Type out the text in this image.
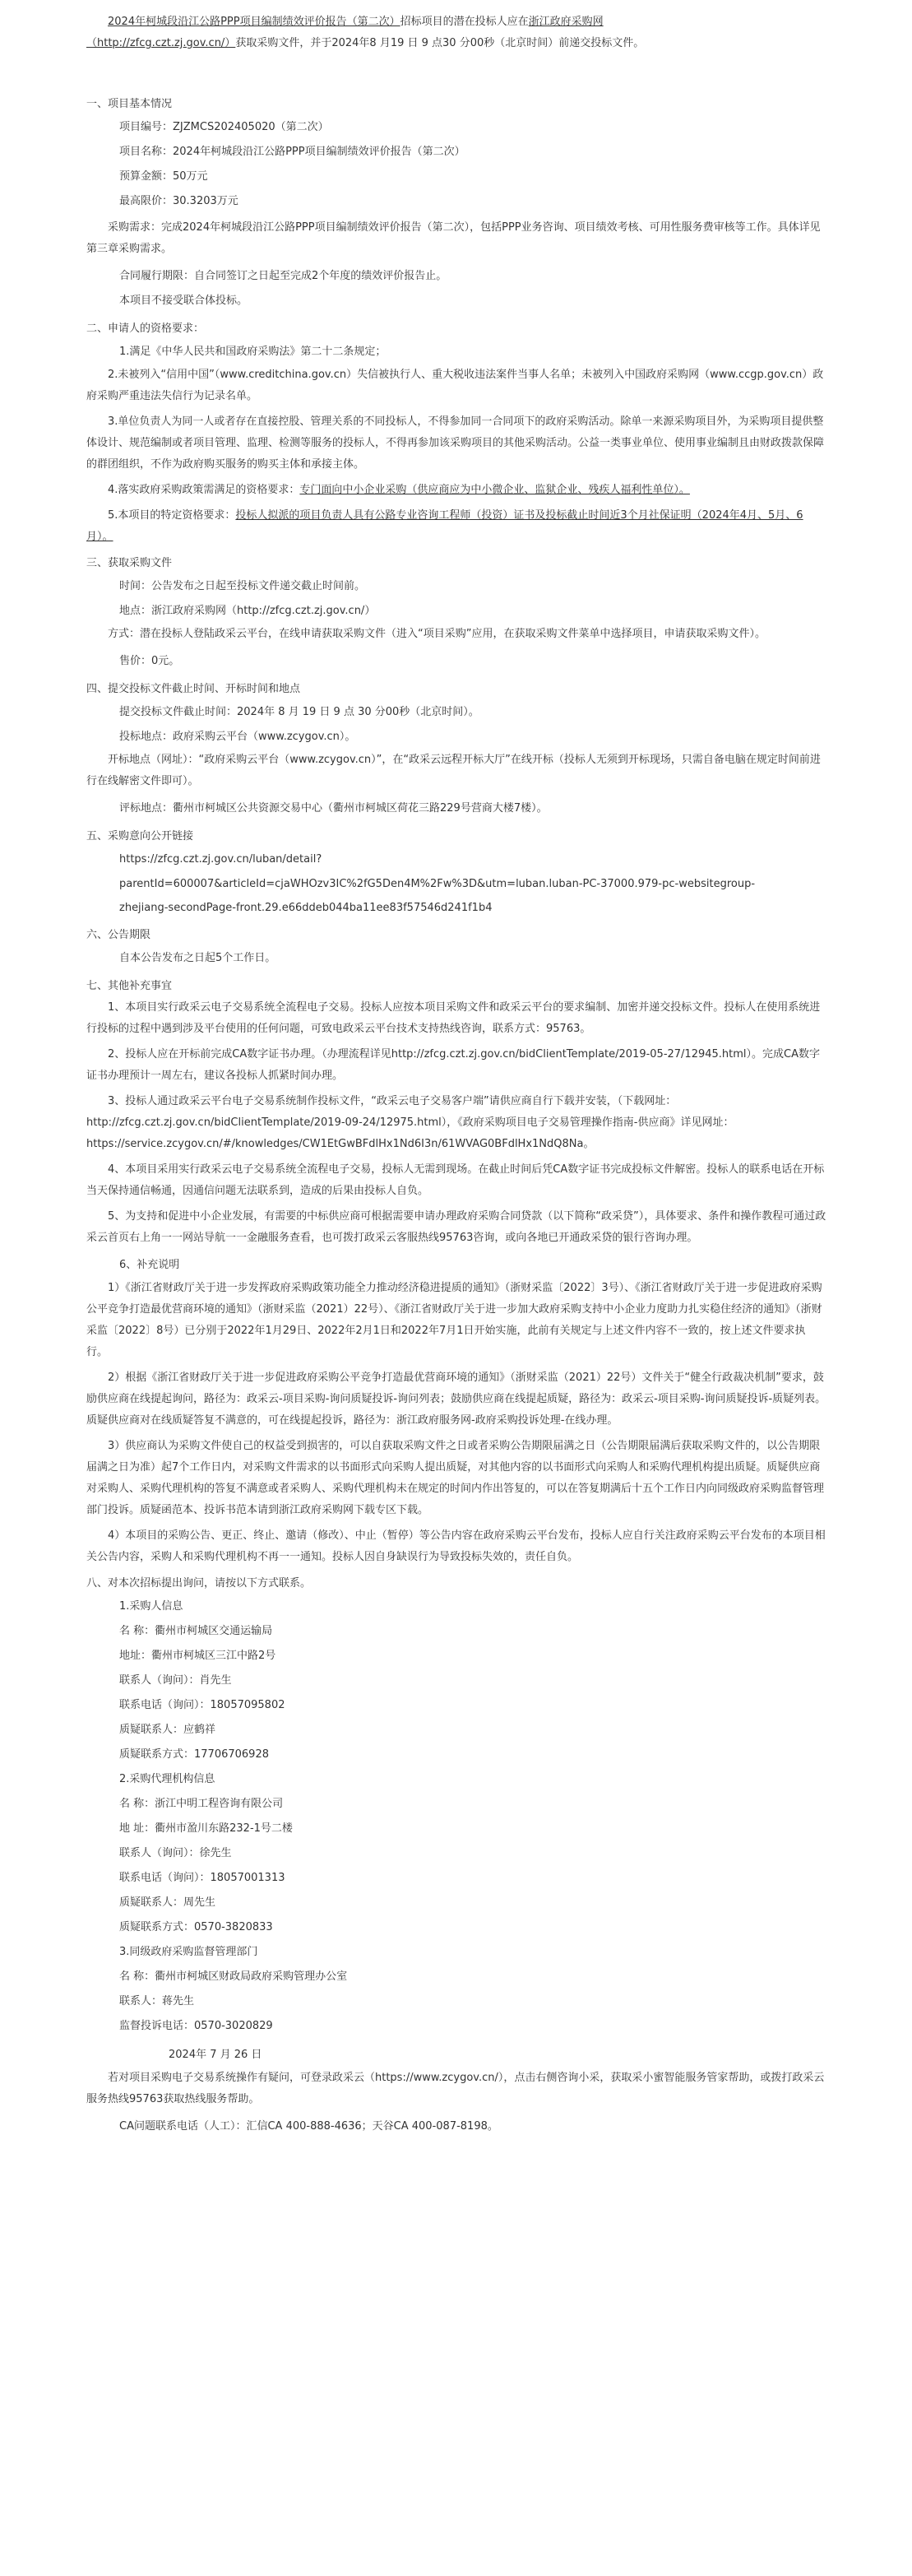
2024年柯城段沿江公路PPP项目编制绩效评价报告（第二次）招标项目的潜在投标人应在浙江政府采购网
（http://zfcg.czt.zj.gov.cn/）获取采购文件，并于2024年8 月19 日 9 点30 分00秒（北京时间）前递交投标文件。

一、项目基本情况

项目编号：ZJZMCS202405020（第二次）

项目名称：2024年柯城段沿江公路PPP项目编制绩效评价报告（第二次）

预算金额：50万元

最高限价：30.3203万元

采购需求：完成2024年柯城段沿江公路PPP项目编制绩效评价报告（第二次），包括PPP业务咨询、项目绩效考核、可用性服务费审核等工作。具体详见第三章采购需求。

合同履行期限：自合同签订之日起至完成2个年度的绩效评价报告止。

本项目不接受联合体投标。

二、申请人的资格要求：

1.满足《中华人民共和国政府采购法》第二十二条规定；

2.未被列入“信用中国”（www.creditchina.gov.cn）失信被执行人、重大税收违法案件当事人名单；未被列入中国政府采购网（www.ccgp.gov.cn）政府采购严重违法失信行为记录名单。

3.单位负责人为同一人或者存在直接控股、管理关系的不同投标人，不得参加同一合同项下的政府采购活动。除单一来源采购项目外，为采购项目提供整体设计、规范编制或者项目管理、监理、检测等服务的投标人，不得再参加该采购项目的其他采购活动。公益一类事业单位、使用事业编制且由财政拨款保障的群团组织，不作为政府购买服务的购买主体和承接主体。

4.落实政府采购政策需满足的资格要求：专门面向中小企业采购（供应商应为中小微企业、监狱企业、残疾人福利性单位）。

5.本项目的特定资格要求：投标人拟派的项目负责人具有公路专业咨询工程师（投资）证书及投标截止时间近3个月社保证明（2024年4月、5月、6月）。

三、获取采购文件

时间：公告发布之日起至投标文件递交截止时间前。

地点：浙江政府采购网（http://zfcg.czt.zj.gov.cn/）

方式：潜在投标人登陆政采云平台，在线申请获取采购文件（进入“项目采购”应用，在获取采购文件菜单中选择项目，申请获取采购文件）。

售价：0元。

四、提交投标文件截止时间、开标时间和地点

提交投标文件截止时间：2024年 8 月 19 日 9 点 30 分00秒（北京时间）。

投标地点：政府采购云平台（www.zcygov.cn）。

开标地点（网址）：“政府采购云平台（www.zcygov.cn）”，在“政采云远程开标大厅”在线开标（投标人无须到开标现场，只需自备电脑在规定时间前进行在线解密文件即可）。

评标地点：衢州市柯城区公共资源交易中心（衢州市柯城区荷花三路229号营商大楼7楼）。

五、采购意向公开链接

https://zfcg.czt.zj.gov.cn/luban/detail?

parentId=600007&articleId=cjaWHOzv3IC%2fG5Den4M%2Fw%3D&utm=luban.luban-PC-37000.979-pc-websitegroup-

zhejiang-secondPage-front.29.e66ddeb044ba11ee83f57546d241f1b4

六、公告期限

自本公告发布之日起5个工作日。

七、其他补充事宜

1、本项目实行政采云电子交易系统全流程电子交易。投标人应按本项目采购文件和政采云平台的要求编制、加密并递交投标文件。投标人在使用系统进行投标的过程中遇到涉及平台使用的任何问题，可致电政采云平台技术支持热线咨询，联系方式：95763。

2、投标人应在开标前完成CA数字证书办理。（办理流程详见http://zfcg.czt.zj.gov.cn/bidClientTemplate/2019-05-27/12945.html）。完成CA数字证书办理预计一周左右，建议各投标人抓紧时间办理。

3、投标人通过政采云平台电子交易系统制作投标文件，“政采云电子交易客户端”请供应商自行下载并安装，（下载网址：http://zfcg.czt.zj.gov.cn/bidClientTemplate/2019-09-24/12975.html），《政府采购项目电子交易管理操作指南-供应商》详见网址：https://service.zcygov.cn/#/knowledges/CW1EtGwBFdlHx1Nd6I3n/61WVAG0BFdlHx1NdQ8Na。

4、本项目采用实行政采云电子交易系统全流程电子交易，投标人无需到现场。在截止时间后凭CA数字证书完成投标文件解密。投标人的联系电话在开标当天保持通信畅通，因通信问题无法联系到，造成的后果由投标人自负。

5、为支持和促进中小企业发展，有需要的中标供应商可根据需要申请办理政府采购合同贷款（以下简称“政采贷”），具体要求、条件和操作教程可通过政采云首页右上角一一网站导航一一金融服务查看，也可拨打政采云客服热线95763咨询，或向各地已开通政采贷的银行咨询办理。

6、补充说明

1）《浙江省财政厅关于进一步发挥政府采购政策功能全力推动经济稳进提质的通知》（浙财采监〔2022〕3号）、《浙江省财政厅关于进一步促进政府采购公平竞争打造最优营商环境的通知》（浙财采监（2021）22号）、《浙江省财政厅关于进一步加大政府采购支持中小企业力度助力扎实稳住经济的通知》（浙财采监〔2022〕8号）已分别于2022年1月29日、2022年2月1日和2022年7月1日开始实施，此前有关规定与上述文件内容不一致的，按上述文件要求执行。

2）根据《浙江省财政厅关于进一步促进政府采购公平竞争打造最优营商环境的通知》（浙财采监（2021）22号）文件关于“健全行政裁决机制”要求，鼓励供应商在线提起询问，路径为：政采云-项目采购-询问质疑投诉-询问列表；鼓励供应商在线提起质疑，路径为：政采云-项目采购-询问质疑投诉-质疑列表。质疑供应商对在线质疑答复不满意的，可在线提起投诉，路径为：浙江政府服务网-政府采购投诉处理-在线办理。

3）供应商认为采购文件使自己的权益受到损害的，可以自获取采购文件之日或者采购公告期限届满之日（公告期限届满后获取采购文件的，以公告期限届满之日为准）起7个工作日内，对采购文件需求的以书面形式向采购人提出质疑，对其他内容的以书面形式向采购人和采购代理机构提出质疑。质疑供应商对采购人、采购代理机构的答复不满意或者采购人、采购代理机构未在规定的时间内作出答复的，可以在答复期满后十五个工作日内向同级政府采购监督管理部门投诉。质疑函范本、投诉书范本请到浙江政府采购网下载专区下载。

4）本项目的采购公告、更正、终止、邀请（修改）、中止（暂停）等公告内容在政府采购云平台发布，投标人应自行关注政府采购云平台发布的本项目相关公告内容，采购人和采购代理机构不再一一通知。投标人因自身缺误行为导致投标失效的，责任自负。

八、对本次招标提出询问，请按以下方式联系。

1.采购人信息

名 称：衢州市柯城区交通运输局

地址：衢州市柯城区三江中路2号

联系人（询问）：肖先生

联系电话（询问）：18057095802

质疑联系人：应鹤祥

质疑联系方式：17706706928

2.采购代理机构信息

名 称：浙江中明工程咨询有限公司

地 址：衢州市盈川东路232-1号二楼

联系人（询问）：徐先生

联系电话（询问）：18057001313

质疑联系人：周先生

质疑联系方式：0570-3820833

3.同级政府采购监督管理部门

名 称：衢州市柯城区财政局政府采购管理办公室

联系人：蒋先生

监督投诉电话：0570-3020829

2024年 7 月 26 日

若对项目采购电子交易系统操作有疑问，可登录政采云（https://www.zcygov.cn/），点击右侧咨询小采，获取采小蜜智能服务管家帮助，或拨打政采云服务热线95763获取热线服务帮助。

CA问题联系电话（人工）：汇信CA 400-888-4636；天谷CA 400-087-8198。
